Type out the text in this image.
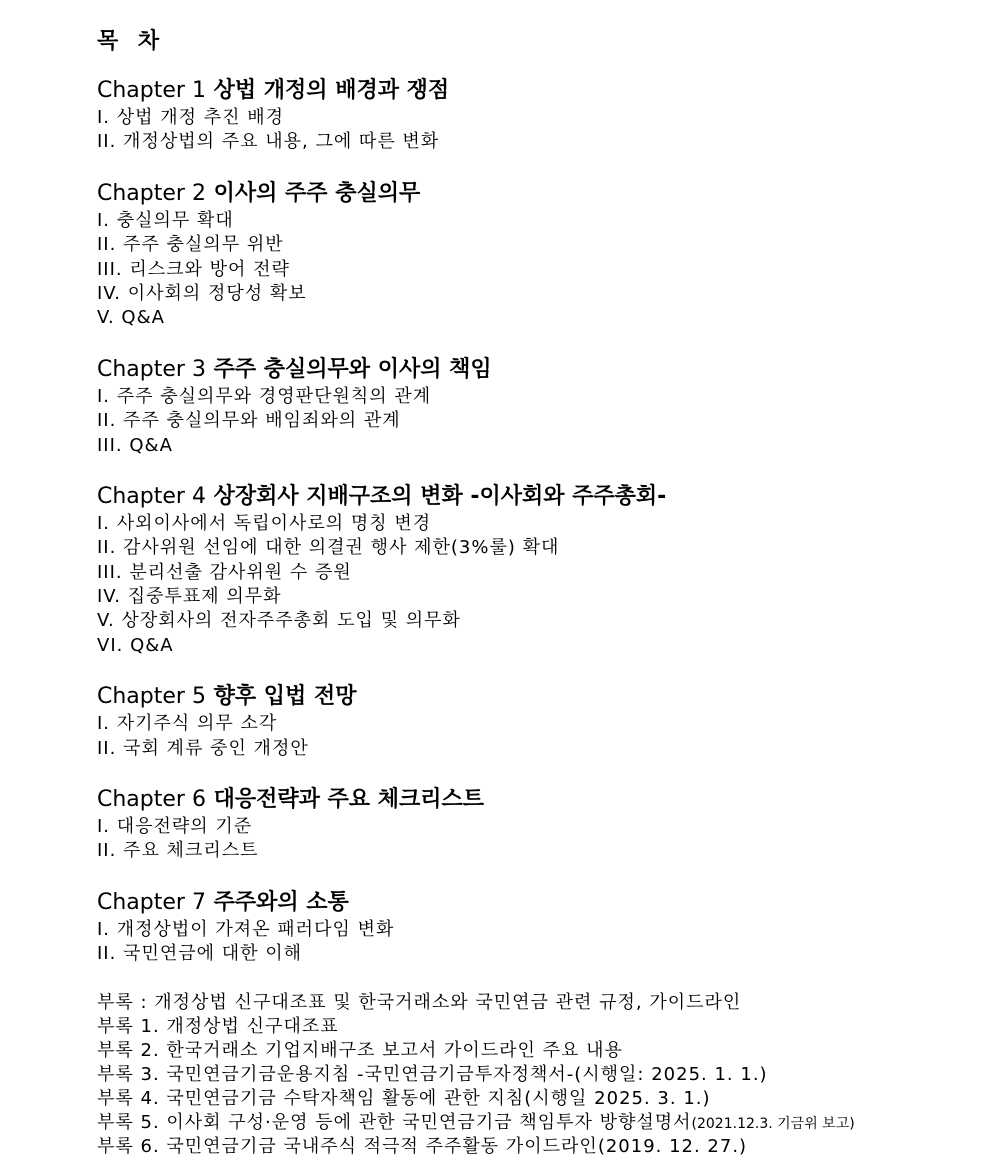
목 차
Chapter 1 상법 개정의 배경과 쟁점
I. 상법 개정 추진 배경
II. 개정상법의 주요 내용, 그에 따른 변화
Chapter 2 이사의 주주 충실의무
I. 충실의무 확대
II. 주주 충실의무 위반
III. 리스크와 방어 전략
IV. 이사회의 정당성 확보
V. Q&A
Chapter 3 주주 충실의무와 이사의 책임
I. 주주 충실의무와 경영판단원칙의 관계
II. 주주 충실의무와 배임죄와의 관계
III. Q&A
Chapter 4 상장회사 지배구조의 변화 -이사회와 주주총회-
I. 사외이사에서 독립이사로의 명칭 변경
II. 감사위원 선임에 대한 의결권 행사 제한(3%룰) 확대
III. 분리선출 감사위원 수 증원
IV. 집중투표제 의무화
V. 상장회사의 전자주주총회 도입 및 의무화
VI. Q&A
Chapter 5 향후 입법 전망
I. 자기주식 의무 소각
II. 국회 계류 중인 개정안
Chapter 6 대응전략과 주요 체크리스트
I. 대응전략의 기준
II. 주요 체크리스트
Chapter 7 주주와의 소통
I. 개정상법이 가져온 패러다임 변화
II. 국민연금에 대한 이해
부록 : 개정상법 신구대조표 및 한국거래소와 국민연금 관련 규정, 가이드라인
부록 1. 개정상법 신구대조표
부록 2. 한국거래소 기업지배구조 보고서 가이드라인 주요 내용
부록 3. 국민연금기금운용지침 -국민연금기금투자정책서-(시행일: 2025. 1. 1.)
부록 4. 국민연금기금 수탁자책임 활동에 관한 지침(시행일 2025. 3. 1.)
부록 5. 이사회 구성·운영 등에 관한 국민연금기금 책임투자 방향설명서(2021.12.3. 기금위 보고)
부록 6. 국민연금기금 국내주식 적극적 주주활동 가이드라인(2019. 12. 27.)
